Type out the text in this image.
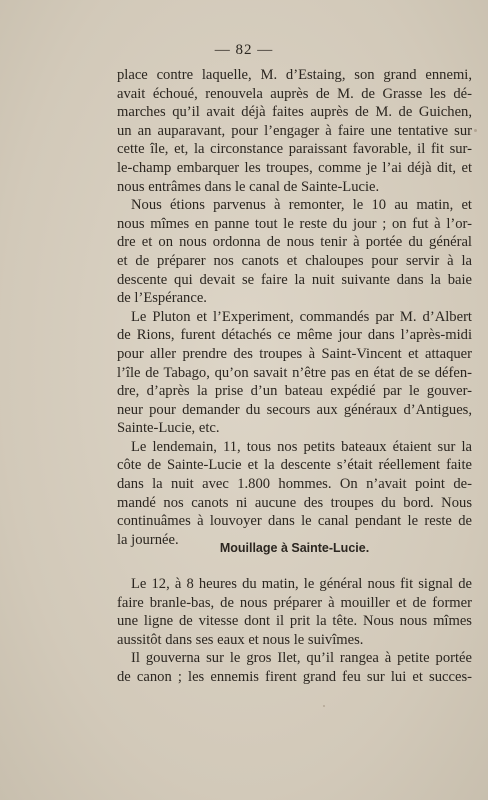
— 82 —

place contre laquelle, M. d’Estaing, son grand ennemi,
avait échoué, renouvela auprès de M. de Grasse les dé-
marches qu’il avait déjà faites auprès de M. de Guichen,
un an auparavant, pour l’engager à faire une tentative sur
cette île, et, la circonstance paraissant favorable, il fit sur-
le-champ embarquer les troupes, comme je l’ai déjà dit, et
nous entrâmes dans le canal de Sainte-Lucie.

Nous étions parvenus à remonter, le 10 au matin, et
nous mîmes en panne tout le reste du jour ; on fut à l’or-
dre et on nous ordonna de nous tenir à portée du général
et de préparer nos canots et chaloupes pour servir à la
descente qui devait se faire la nuit suivante dans la baie
de l’Espérance.

Le Pluton et l’Experiment, commandés par M. d’Albert
de Rions, furent détachés ce même jour dans l’après-midi
pour aller prendre des troupes à Saint-Vincent et attaquer
l’île de Tabago, qu’on savait n’être pas en état de se défen-
dre, d’après la prise d’un bateau expédié par le gouver-
neur pour demander du secours aux généraux d’Antigues,
Sainte-Lucie, etc.

Le lendemain, 11, tous nos petits bateaux étaient sur la
côte de Sainte-Lucie et la descente s’était réellement faite
dans la nuit avec 1.800 hommes. On n’avait point de-
mandé nos canots ni aucune des troupes du bord. Nous
continuâmes à louvoyer dans le canal pendant le reste de
la journée.

Mouillage à Sainte-Lucie.

Le 12, à 8 heures du matin, le général nous fit signal de
faire branle-bas, de nous préparer à mouiller et de former
une ligne de vitesse dont il prit la tête. Nous nous mîmes
aussitôt dans ses eaux et nous le suivîmes.

Il gouverna sur le gros Ilet, qu’il rangea à petite portée
de canon ; les ennemis firent grand feu sur lui et succes-
